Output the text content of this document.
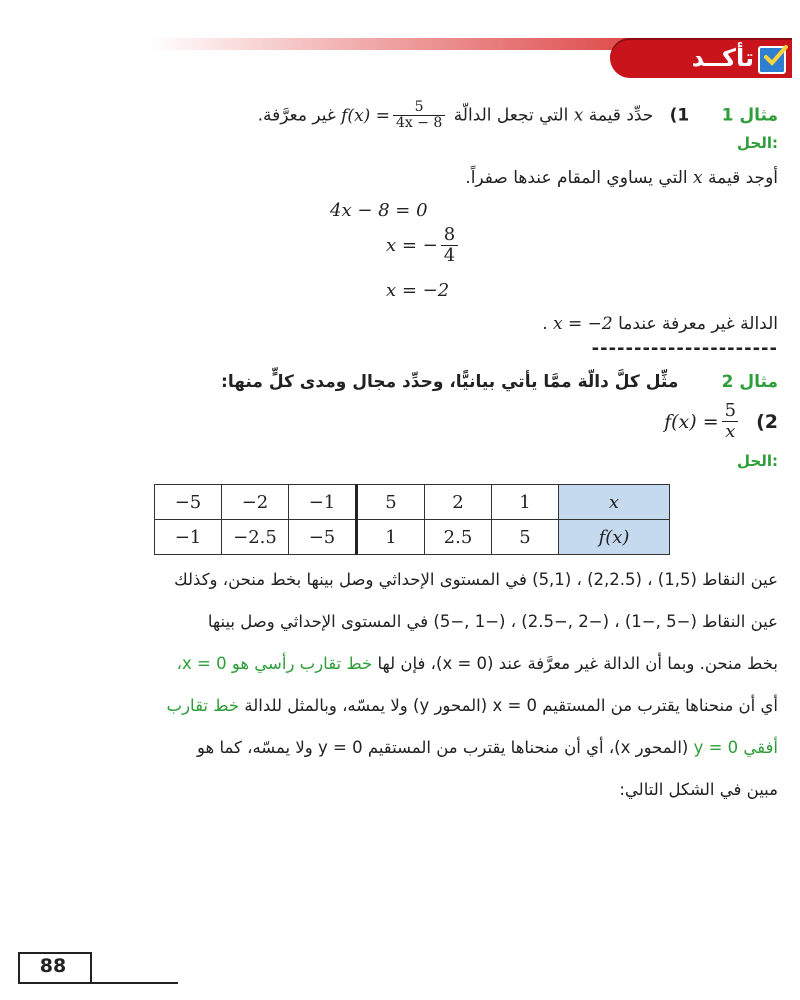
تأكــد
مثال 1      1)   حدِّد قيمة x التي تجعل الدالّة
$f(x) = \frac{5}{4x - 8}$
غير معرَّفة.
الحل:
أوجد قيمة x التي يساوي المقام عندها صفراً.
4x − 8 = 0
x = − $\frac{8}{4}$
x = −2
الدالة غير معرفة عندما x = −2 .
----------------------
مثال 2        مثِّل كلَّ دالّة ممَّا يأتي بيانيًّا، وحدِّد مجال ومدى كلٍّ منها:
$f(x) = \frac{5}{x} (2$
الحل:
−5	−2	−1	5	2	1	x
−1	−2.5	−5	1	2.5	5	f(x)
عين النقاط (1,5) ، (2,2.5) ، (5,1) في المستوى الإحداثي وصل بينها بخط منحن، وكذلك
عين النقاط (−5 ,−1) ، (−2 ,−2.5) ، (−1 ,−5) في المستوى الإحداثي وصل بينها
بخط منحن. وبما أن الدالة غير معرَّفة عند (x = 0)، فإن لها خط تقارب رأسي هو x = 0،
أي أن منحناها يقترب من المستقيم x = 0 (المحور y) ولا يمسّه، وبالمثل للدالة خط تقارب
أفقي y = 0 (المحور x)، أي أن منحناها يقترب من المستقيم y = 0 ولا يمسّه، كما هو
مبين في الشكل التالي:
88
